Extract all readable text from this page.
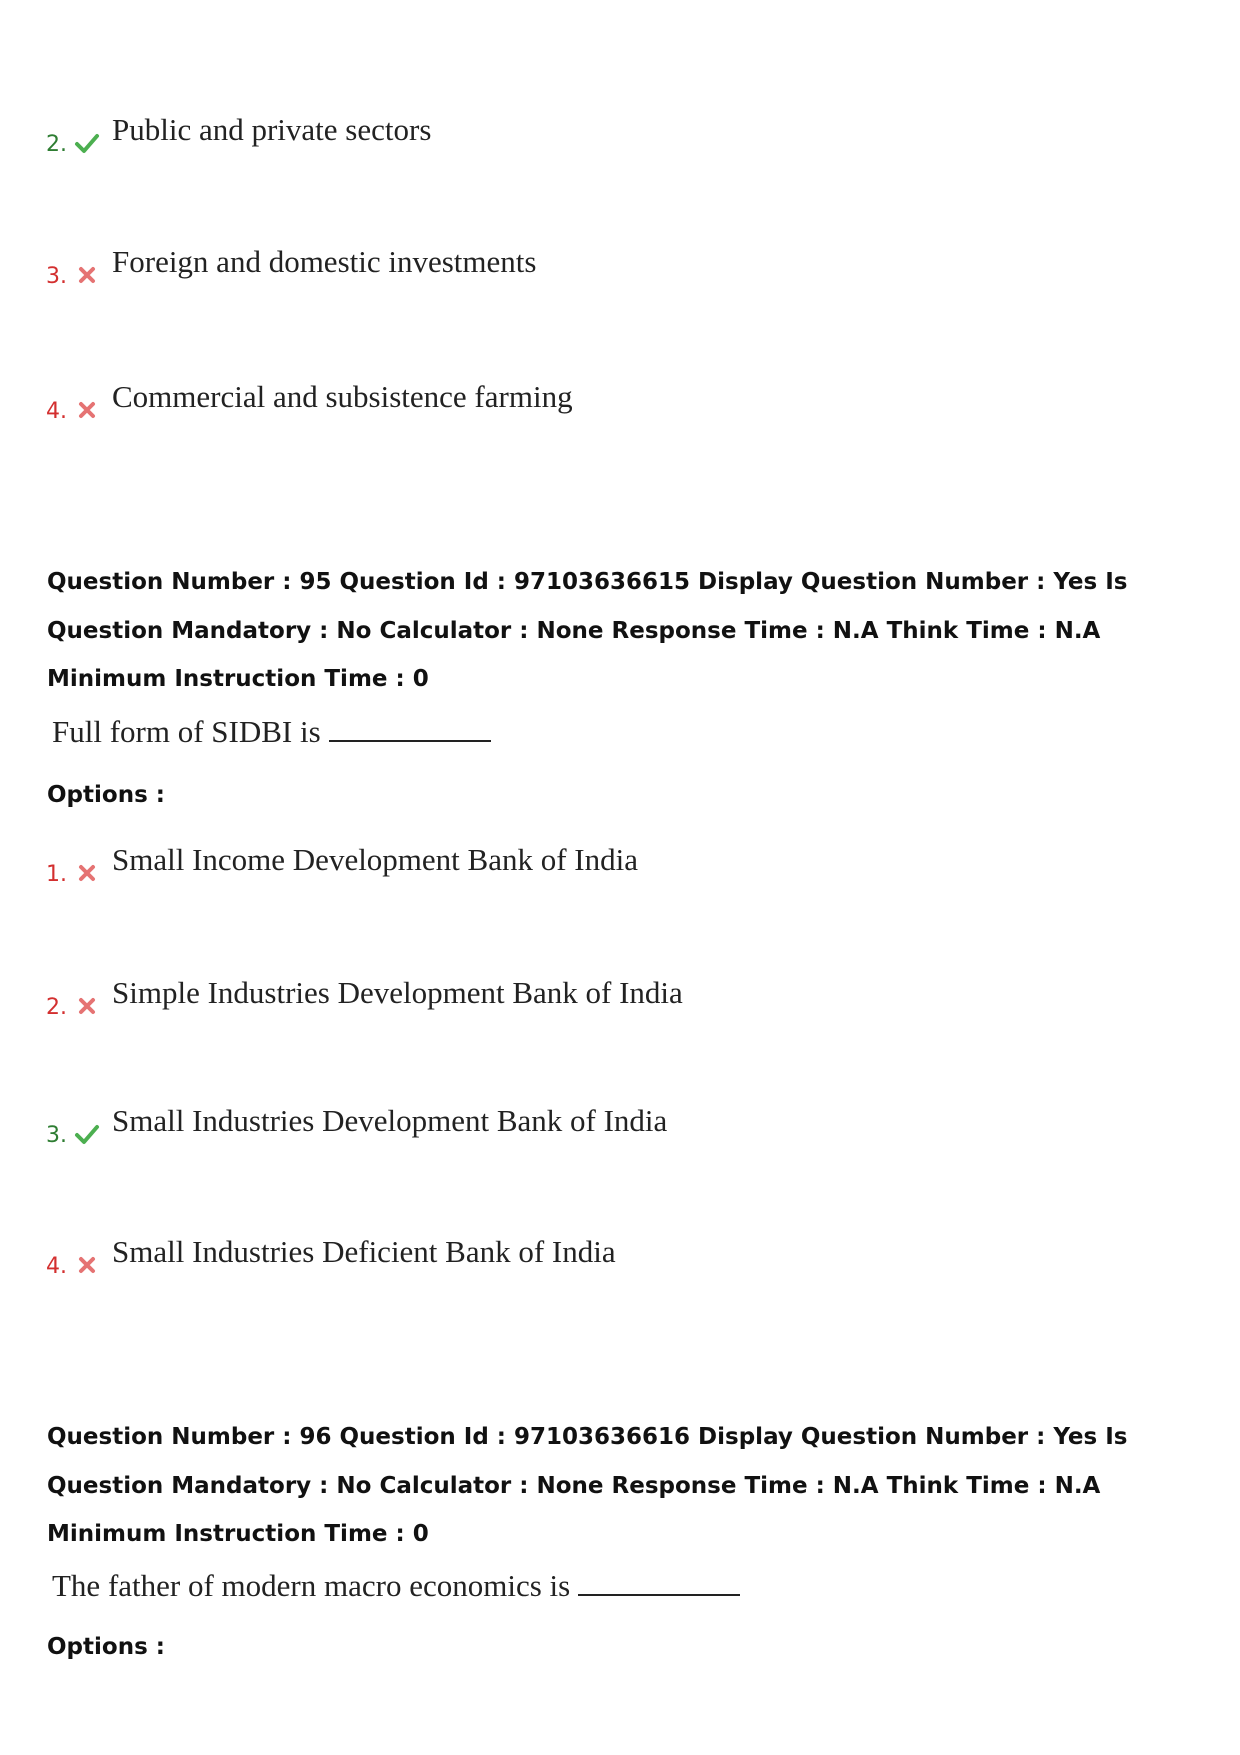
2. Public and private sectors
3. Foreign and domestic investments
4. Commercial and subsistence farming
Question Number : 95 Question Id : 97103636615 Display Question Number : Yes Is Question Mandatory : No Calculator : None Response Time : N.A Think Time : N.A Minimum Instruction Time : 0
Full form of SIDBI is
Options :
1. Small Income Development Bank of India
2. Simple Industries Development Bank of India
3. Small Industries Development Bank of India
4. Small Industries Deficient Bank of India
Question Number : 96 Question Id : 97103636616 Display Question Number : Yes Is Question Mandatory : No Calculator : None Response Time : N.A Think Time : N.A Minimum Instruction Time : 0
The father of modern macro economics is
Options :
